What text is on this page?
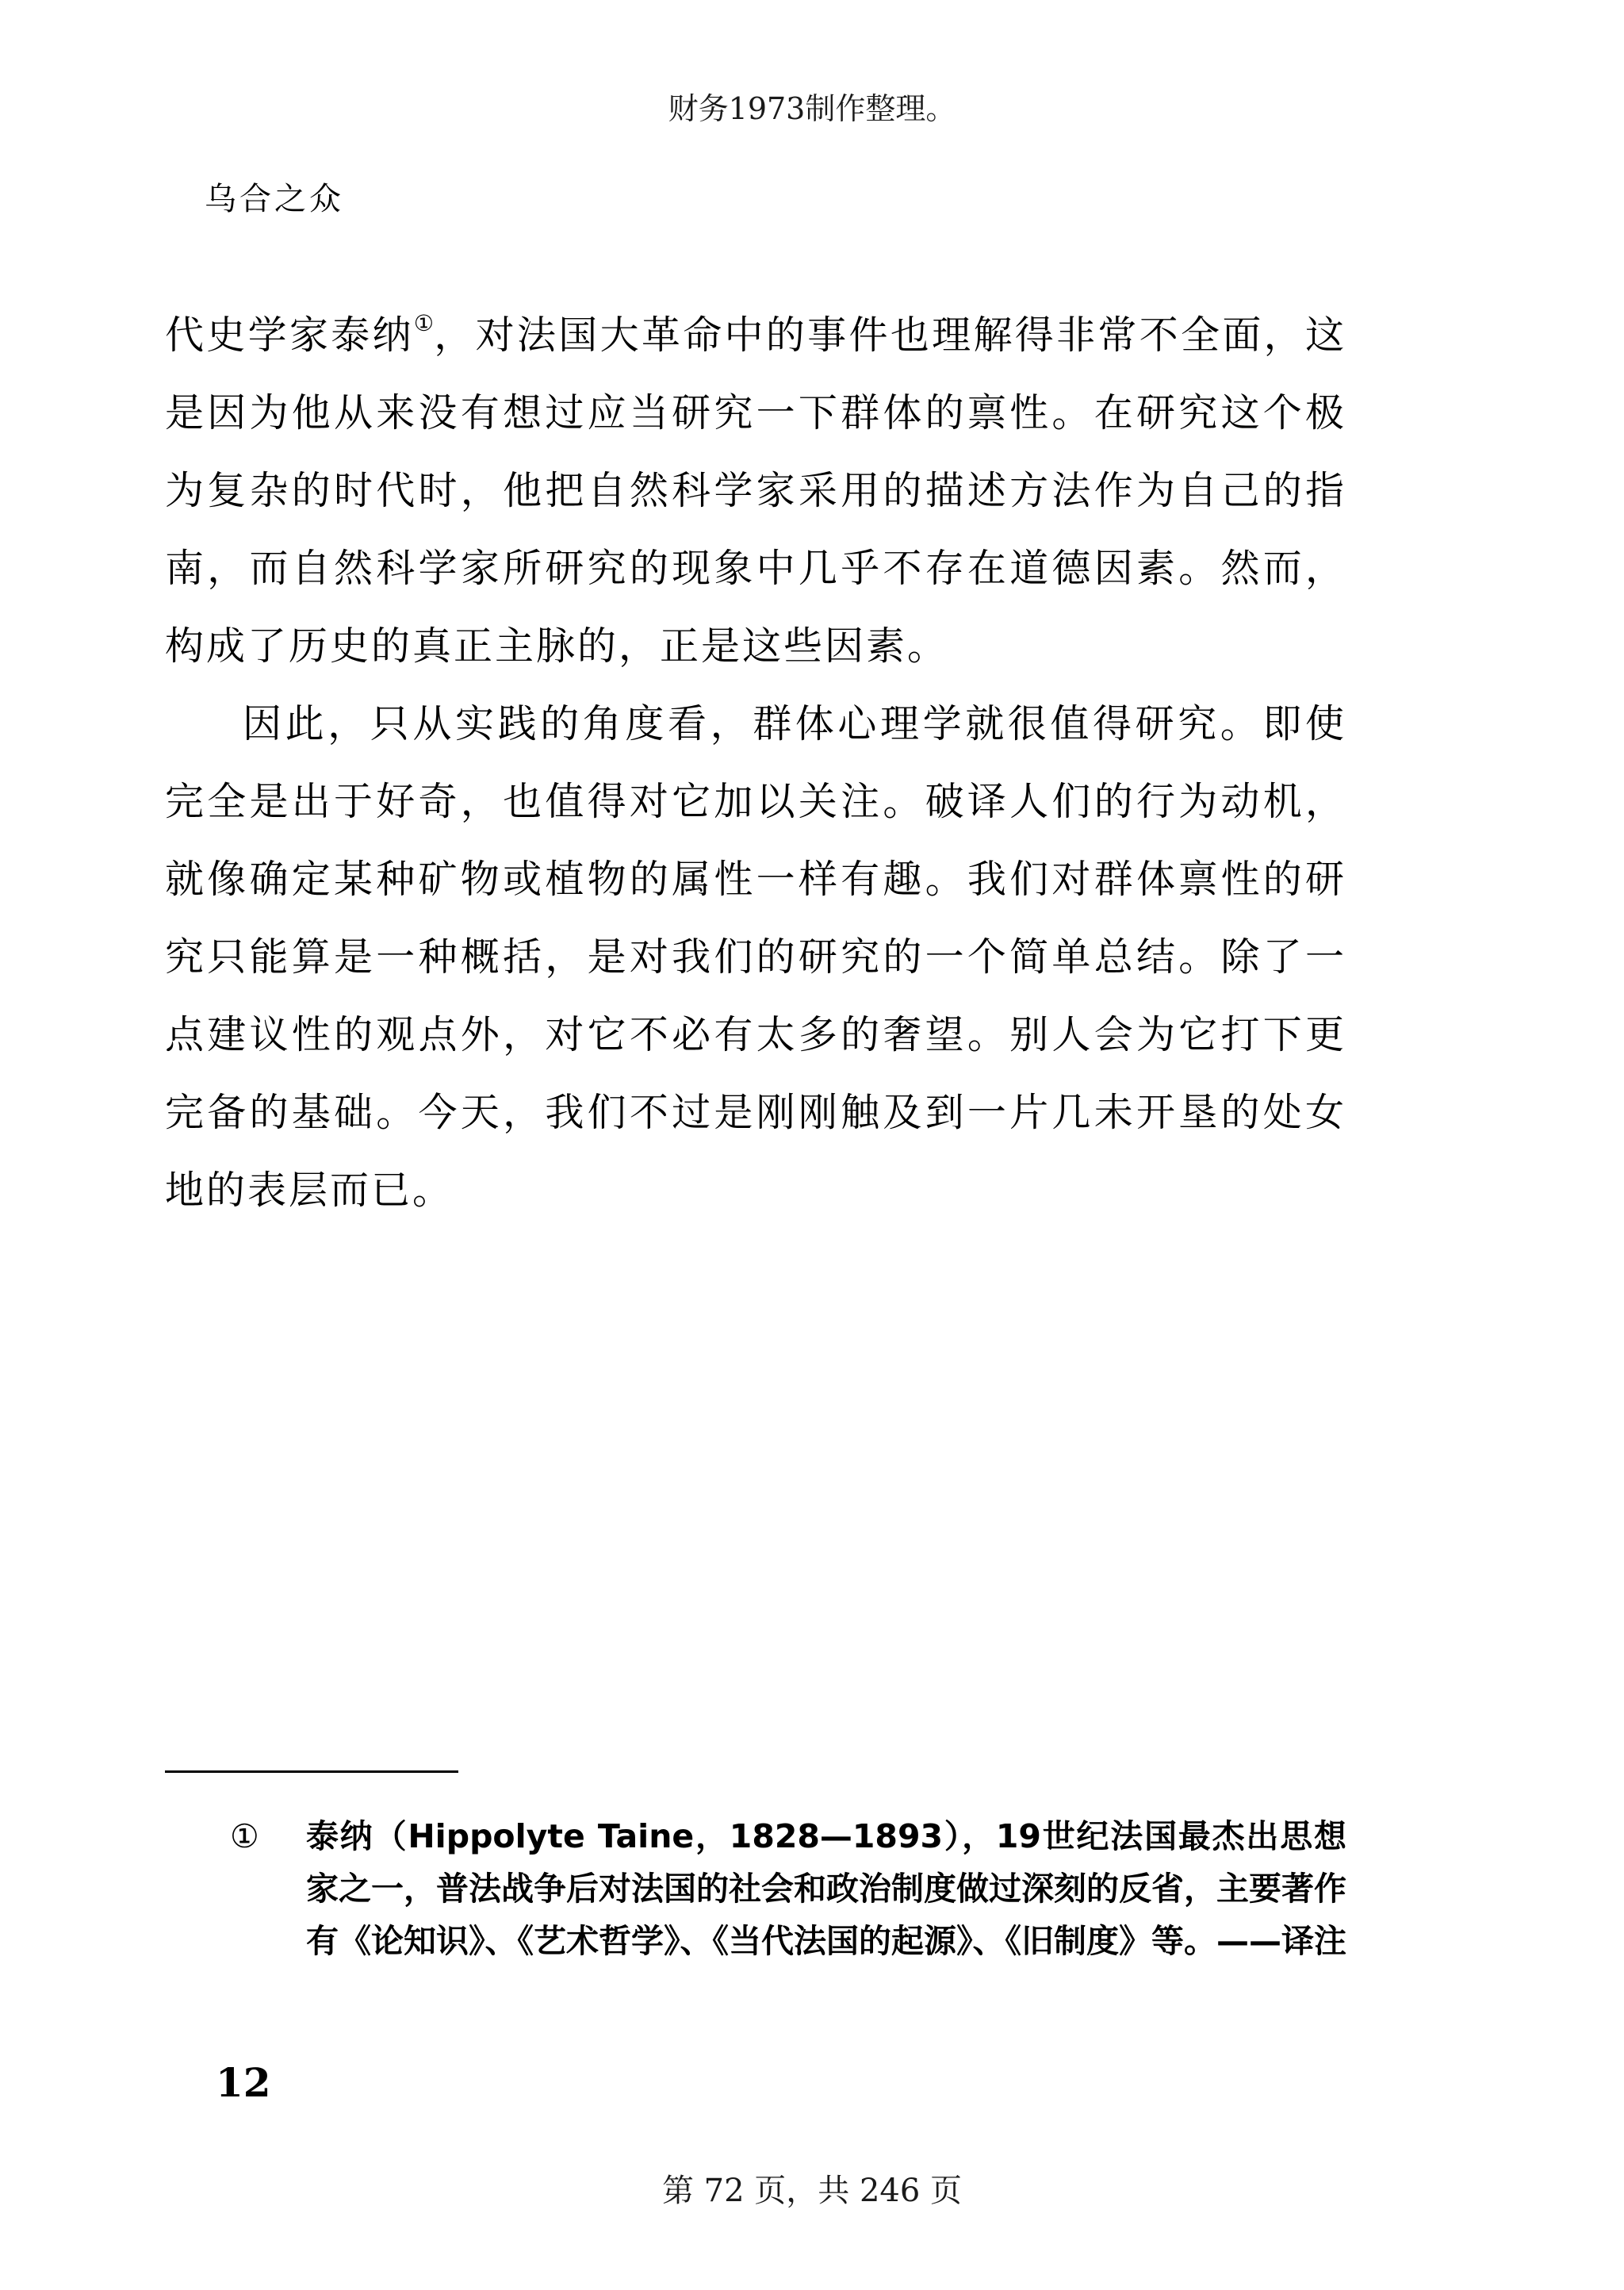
财务1973制作整理。
乌合之众

代史学家泰纳①，对法国大革命中的事件也理解得非常不全面，这是因为他从来没有想过应当研究一下群体的禀性。在研究这个极为复杂的时代时，他把自然科学家采用的描述方法作为自己的指南，而自然科学家所研究的现象中几乎不存在道德因素。然而，构成了历史的真正主脉的，正是这些因素。

因此，只从实践的角度看，群体心理学就很值得研究。即使完全是出于好奇，也值得对它加以关注。破译人们的行为动机，就像确定某种矿物或植物的属性一样有趣。我们对群体禀性的研究只能算是一种概括，是对我们的研究的一个简单总结。除了一点建议性的观点外，对它不必有太多的奢望。别人会为它打下更完备的基础。今天，我们不过是刚刚触及到一片几未开垦的处女地的表层而已。

① 泰纳（Hippolyte Taine，1828—1893），19世纪法国最杰出思想家之一，普法战争后对法国的社会和政治制度做过深刻的反省，主要著作有《论知识》、《艺术哲学》、《当代法国的起源》、《旧制度》等。——译注
12
第 72 页，共 246 页
